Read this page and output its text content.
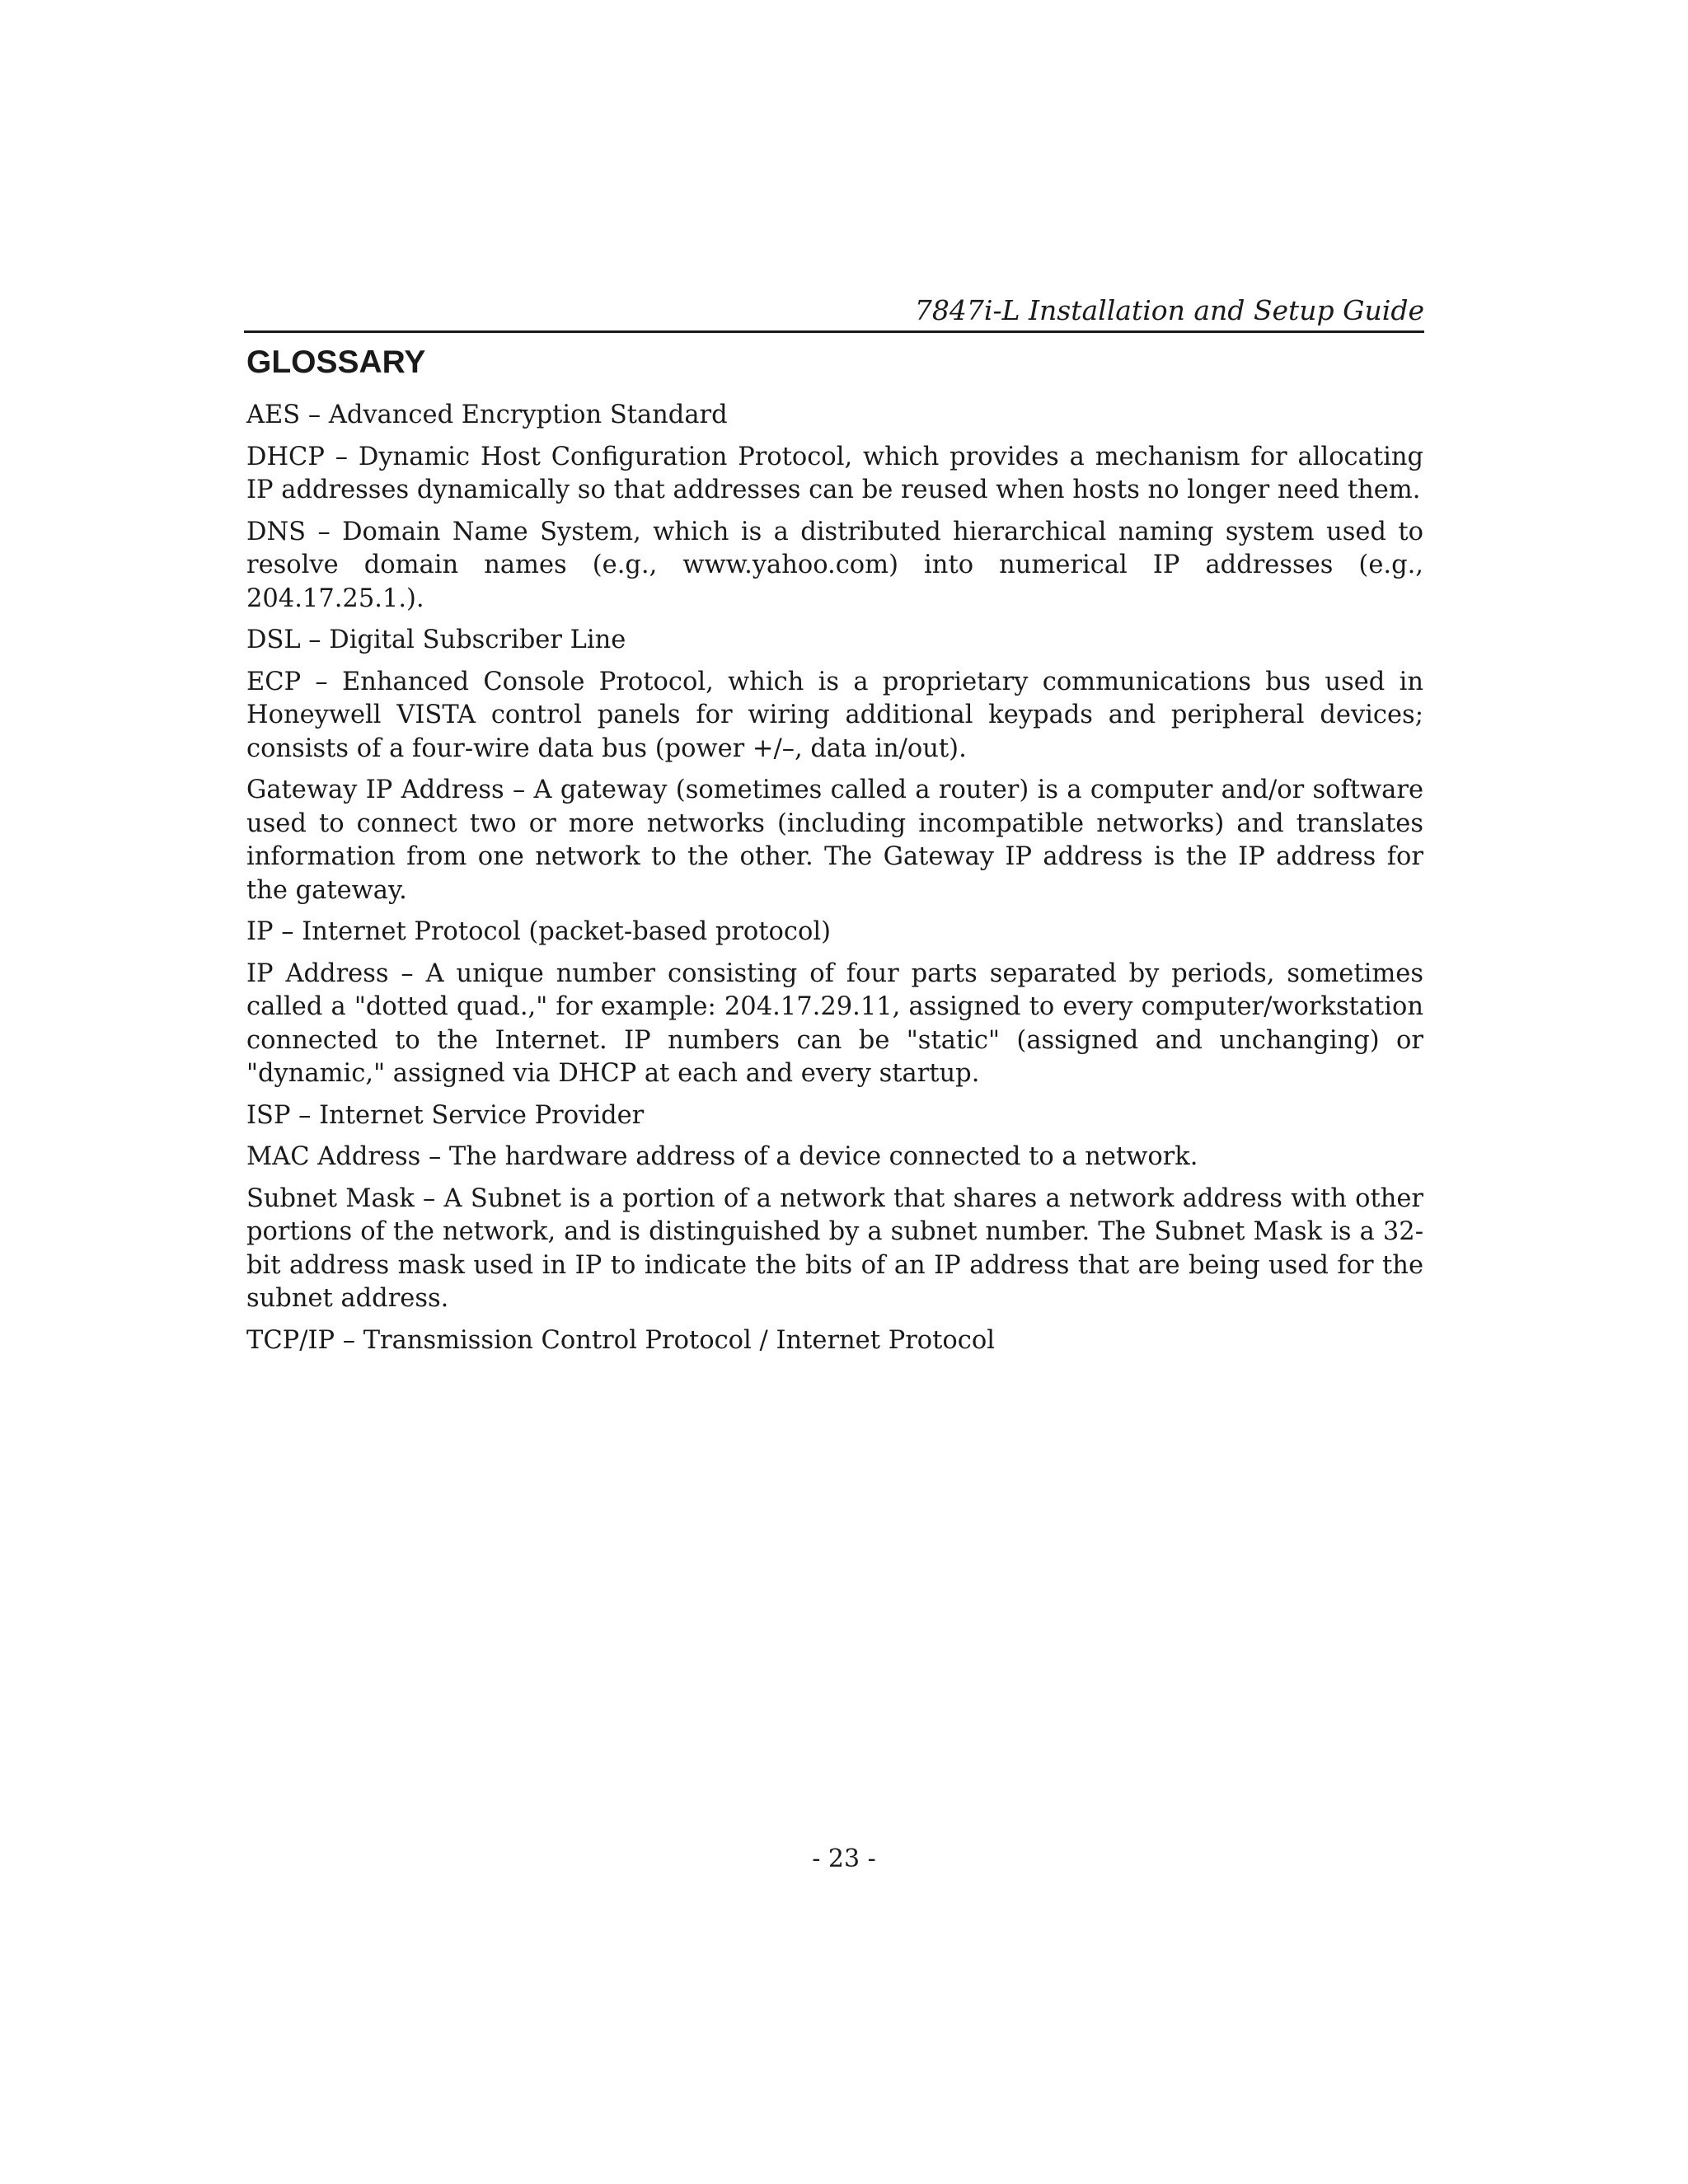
7847i-L Installation and Setup Guide
GLOSSARY
AES – Advanced Encryption Standard
DHCP – Dynamic Host Configuration Protocol, which provides a mechanism for allocating IP addresses dynamically so that addresses can be reused when hosts no longer need them.
DNS – Domain Name System, which is a distributed hierarchical naming system used to resolve domain names (e.g., www.yahoo.com) into numerical IP addresses (e.g., 204.17.25.1.).
DSL – Digital Subscriber Line
ECP – Enhanced Console Protocol, which is a proprietary communications bus used in Honeywell VISTA control panels for wiring additional keypads and peripheral devices; consists of a four-wire data bus (power +/–, data in/out).
Gateway IP Address – A gateway (sometimes called a router) is a computer and/or software used to connect two or more networks (including incompatible networks) and translates information from one network to the other. The Gateway IP address is the IP address for the gateway.
IP – Internet Protocol (packet-based protocol)
IP Address – A unique number consisting of four parts separated by periods, sometimes called a "dotted quad.," for example: 204.17.29.11, assigned to every computer/workstation connected to the Internet. IP numbers can be "static" (assigned and unchanging) or "dynamic," assigned via DHCP at each and every startup.
ISP – Internet Service Provider
MAC Address – The hardware address of a device connected to a network.
Subnet Mask – A Subnet is a portion of a network that shares a network address with other portions of the network, and is distinguished by a subnet number. The Subnet Mask is a 32-bit address mask used in IP to indicate the bits of an IP address that are being used for the subnet address.
TCP/IP – Transmission Control Protocol / Internet Protocol
- 23 -
